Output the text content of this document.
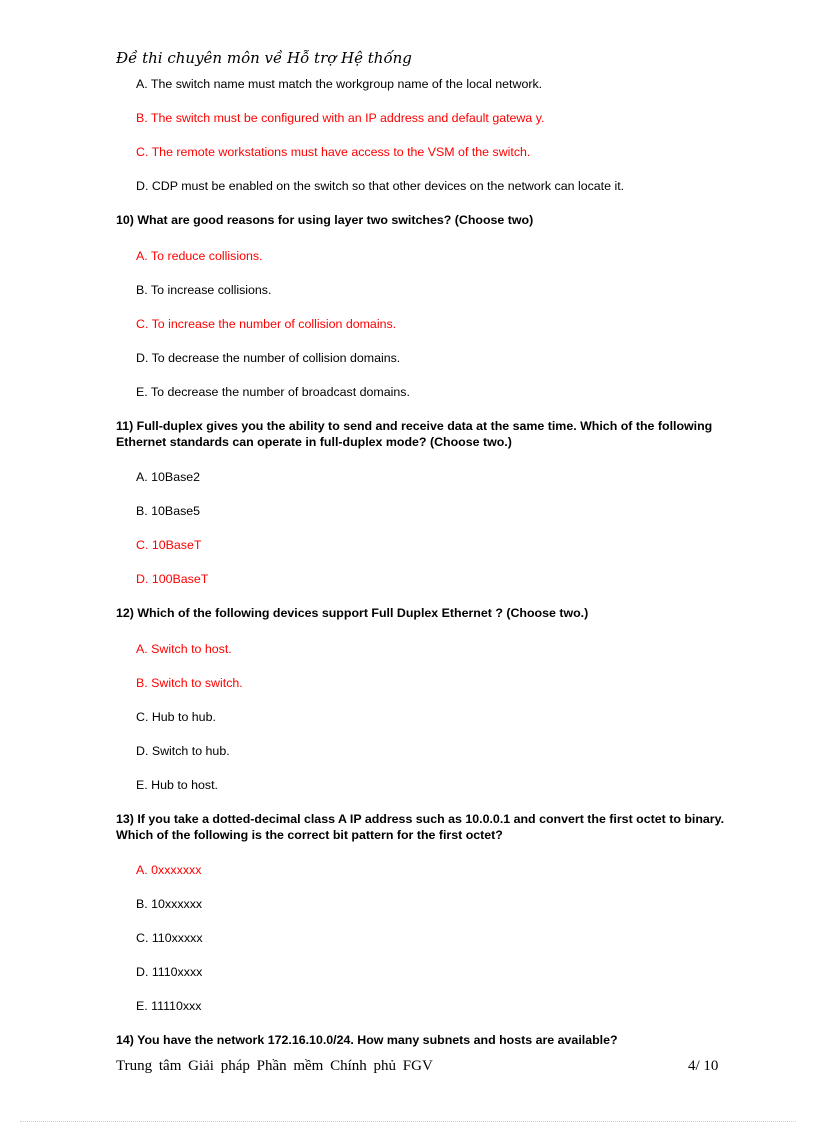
Đề thi chuyên môn về Hỗ trợ Hệ thống
A. The switch name must match the workgroup name of the local network.
B. The switch must be configured with an IP address and default gatewa y.
C. The remote workstations must have access to the VSM of the switch.
D. CDP must be enabled on the switch so that other devices on the network can locate it.
10) What are good reasons for using layer two switches? (Choose two)
A. To reduce collisions.
B. To increase collisions.
C. To increase the number of collision domains.
D. To decrease the number of collision domains.
E. To decrease the number of broadcast domains.
11) Full-duplex gives you the ability to send and receive data at the same time. Which of the following Ethernet standards can operate in full-duplex mode? (Choose two.)
A. 10Base2
B. 10Base5
C. 10BaseT
D. 100BaseT
12) Which of the following devices support Full Duplex Ethernet ? (Choose two.)
A. Switch to host.
B. Switch to switch.
C. Hub to hub.
D. Switch to hub.
E. Hub to host.
13) If you take a dotted-decimal class A IP address such as 10.0.0.1 and convert the first octet to binary. Which of the following is the correct bit pattern for the first octet?
A. 0xxxxxxx
B. 10xxxxxx
C. 110xxxxx
D. 1110xxxx
E. 11110xxx
14) You have the network 172.16.10.0/24. How many subnets and hosts are available?
Trung tâm Giải pháp Phần mềm Chính phủ FGV	4/ 10
